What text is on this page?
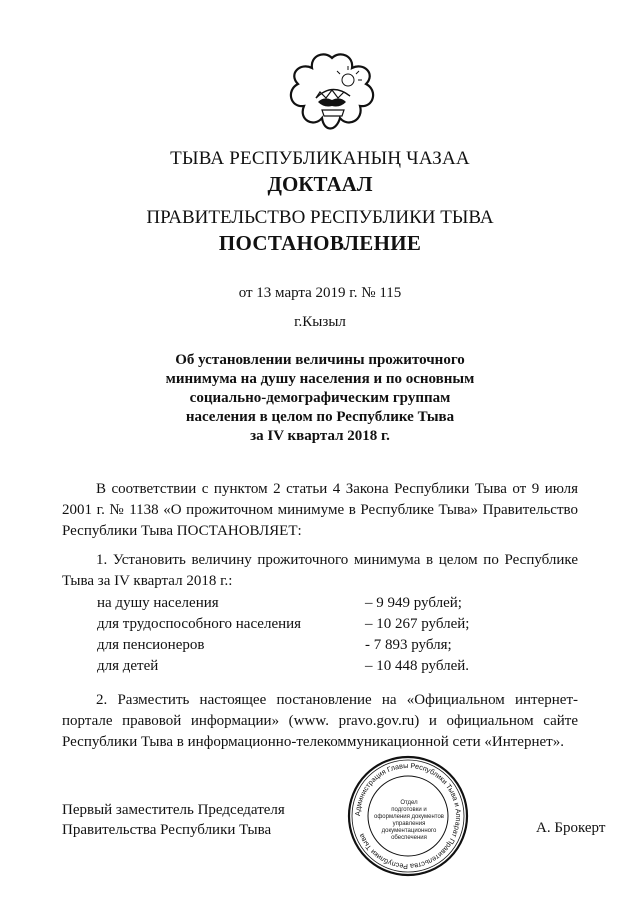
ТЫВА РЕСПУБЛИКАНЫҢ ЧАЗАА
ДОКТААЛ
ПРАВИТЕЛЬСТВО РЕСПУБЛИКИ ТЫВА
ПОСТАНОВЛЕНИЕ
от 13 марта 2019 г. № 115
г.Кызыл
Об установлении величины прожиточного
минимума на душу населения и по основным
социально-демографическим группам
населения в целом по Республике Тыва
за IV квартал 2018 г.
В соответствии с пунктом 2 статьи 4 Закона Республики Тыва от 9 июля 2001 г. № 1138 «О прожиточном минимуме в Республике Тыва» Правительство Республики Тыва ПОСТАНОВЛЯЕТ:
1. Установить величину прожиточного минимума в целом по Республике Тыва за IV квартал 2018 г.:
на душу населения	– 9 949 рублей;
для трудоспособного населения	– 10 267 рублей;
для пенсионеров	- 7 893 рубля;
для детей	– 10 448 рублей.
2. Разместить настоящее постановление на «Официальном интернет-портале правовой информации» (www. pravo.gov.ru) и официальном сайте Республики Тыва в информационно-телекоммуникационной сети «Интернет».
Первый заместитель Председателя
Правительства Республики Тыва	А. Брокерт
Администрация Главы Республики Тыва и Аппарат Правительства Республики Тыва
Отдел
подготовки и
оформления документов
управления
документационного
обеспечения
